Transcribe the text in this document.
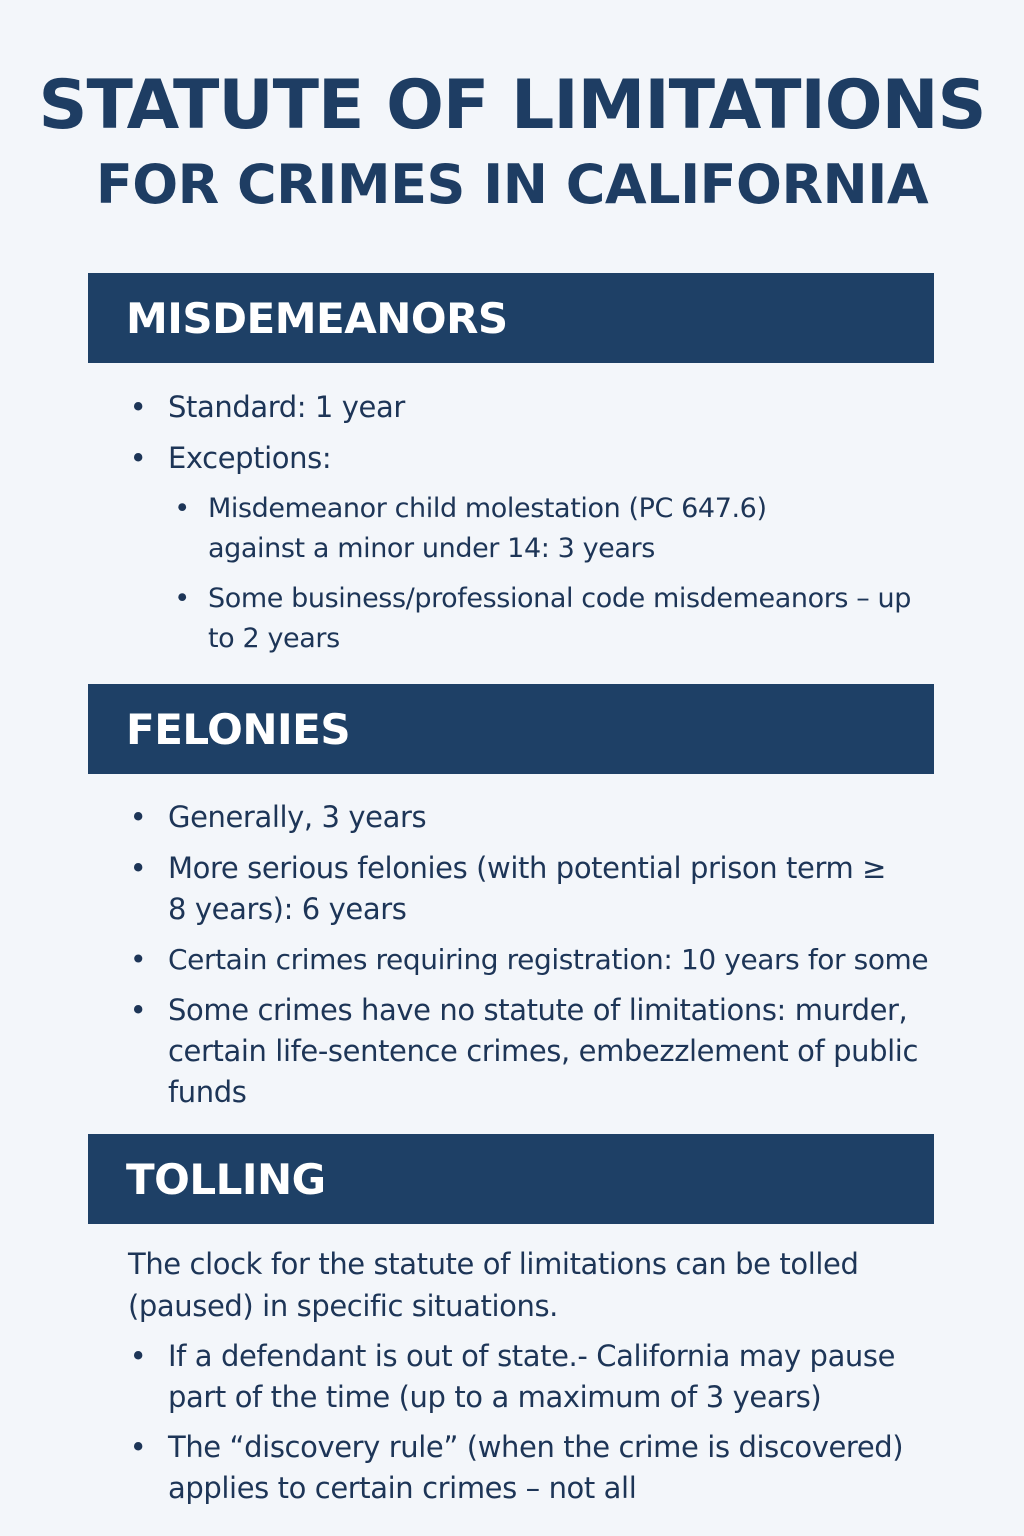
STATUTE OF LIMITATIONS
FOR CRIMES IN CALIFORNIA
MISDEMEANORS
• Standard: 1 year
• Exceptions:
• Misdemeanor child molestation (PC 647.6) against a minor under 14: 3 years
• Some business/professional code misdemeanors – up to 2 years
FELONIES
• Generally, 3 years
• More serious felonies (with potential prison term ≥ 8 years): 6 years
• Certain crimes requiring registration: 10 years for some
• Some crimes have no statute of limitations: murder, certain life-sentence crimes, embezzlement of public funds
TOLLING
The clock for the statute of limitations can be tolled (paused) in specific situations.
• If a defendant is out of state.- California may pause part of the time (up to a maximum of 3 years)
• The “discovery rule” (when the crime is discovered) applies to certain crimes – not all
